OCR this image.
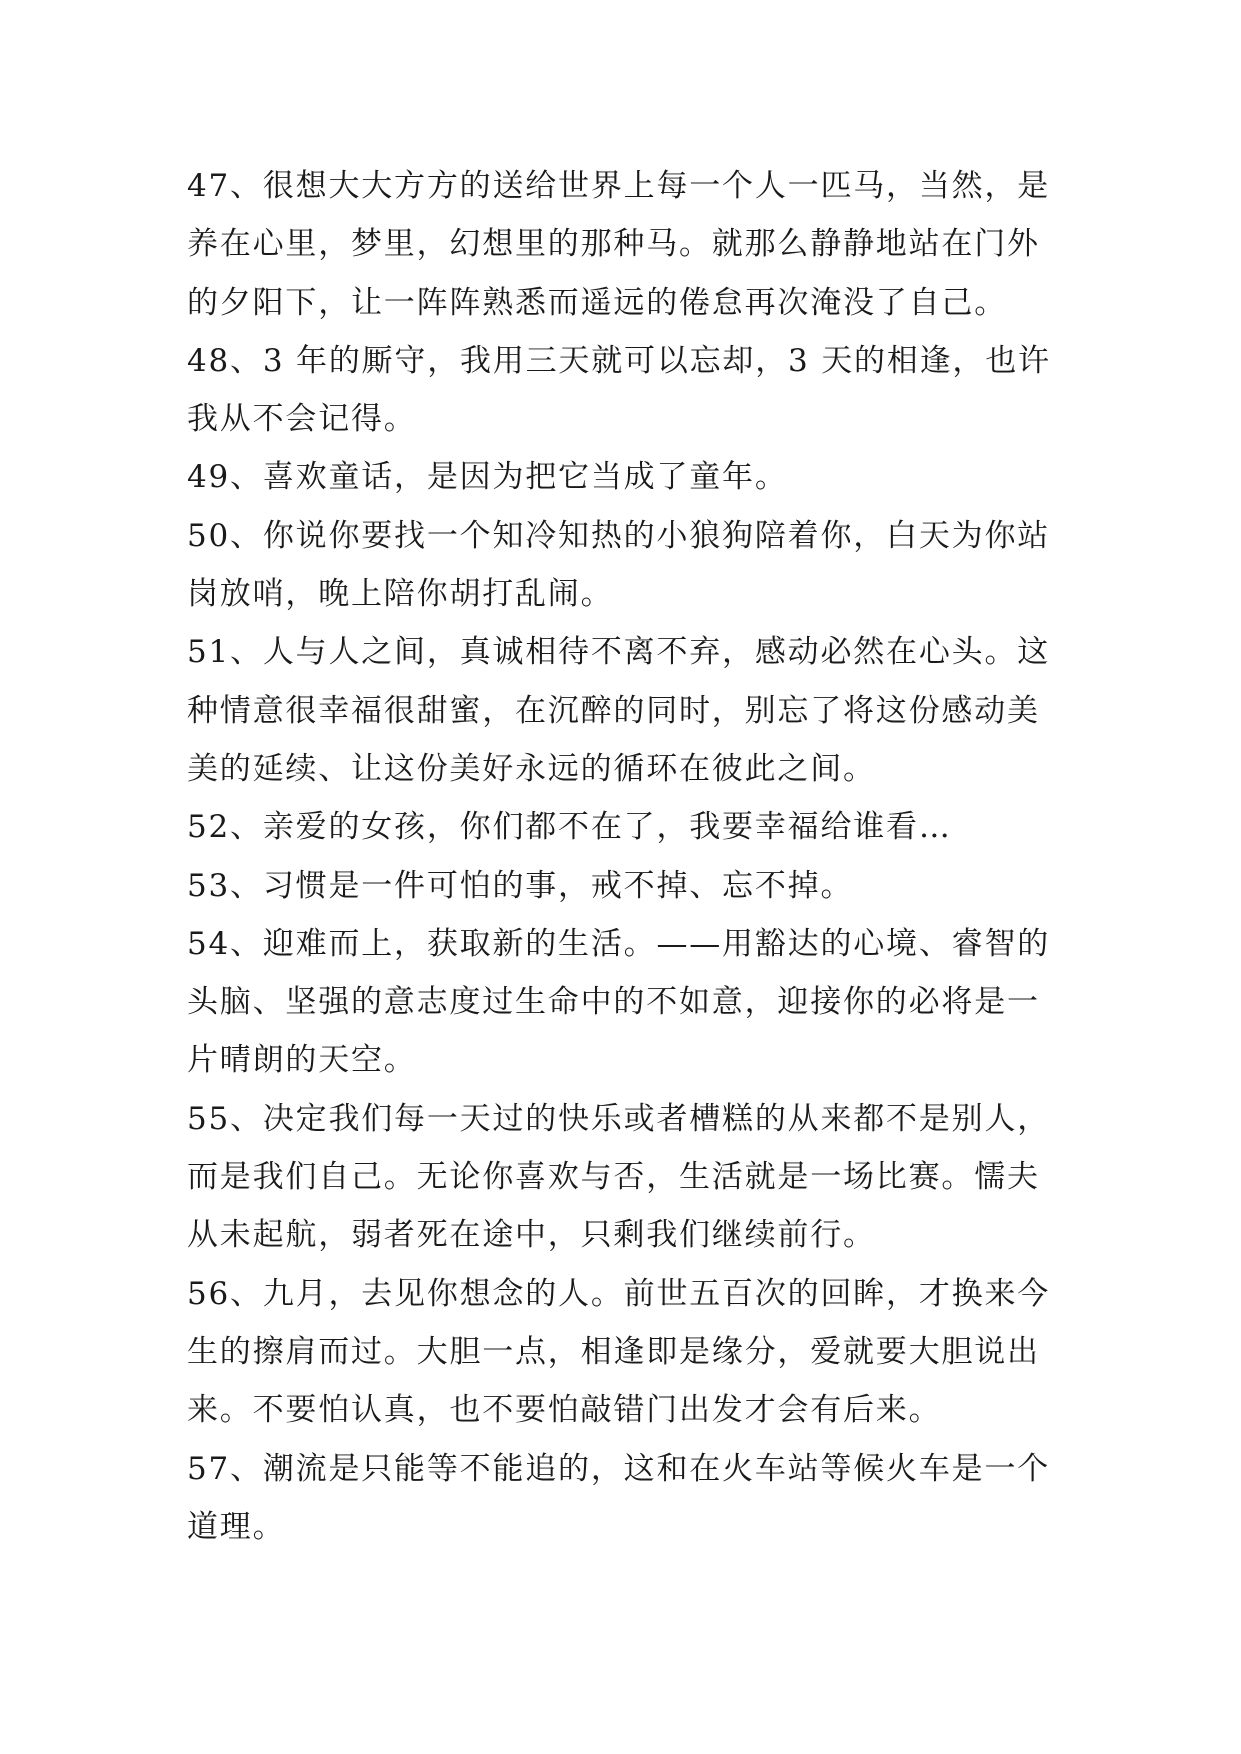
47、很想大大方方的送给世界上每一个人一匹马，当然，是
养在心里，梦里，幻想里的那种马。就那么静静地站在门外
的夕阳下，让一阵阵熟悉而遥远的倦怠再次淹没了自己。

48、3 年的厮守，我用三天就可以忘却，3 天的相逢，也许
我从不会记得。

49、喜欢童话，是因为把它当成了童年。

50、你说你要找一个知冷知热的小狼狗陪着你，白天为你站
岗放哨，晚上陪你胡打乱闹。

51、人与人之间，真诚相待不离不弃，感动必然在心头。这
种情意很幸福很甜蜜，在沉醉的同时，别忘了将这份感动美
美的延续、让这份美好永远的循环在彼此之间。

52、亲爱的女孩，你们都不在了，我要幸福给谁看…

53、习惯是一件可怕的事，戒不掉、忘不掉。

54、迎难而上，获取新的生活。——用豁达的心境、睿智的
头脑、坚强的意志度过生命中的不如意，迎接你的必将是一
片晴朗的天空。

55、决定我们每一天过的快乐或者槽糕的从来都不是别人，
而是我们自己。无论你喜欢与否，生活就是一场比赛。懦夫
从未起航，弱者死在途中，只剩我们继续前行。

56、九月，去见你想念的人。前世五百次的回眸，才换来今
生的擦肩而过。大胆一点，相逢即是缘分，爱就要大胆说出
来。不要怕认真，也不要怕敲错门出发才会有后来。

57、潮流是只能等不能追的，这和在火车站等候火车是一个
道理。
